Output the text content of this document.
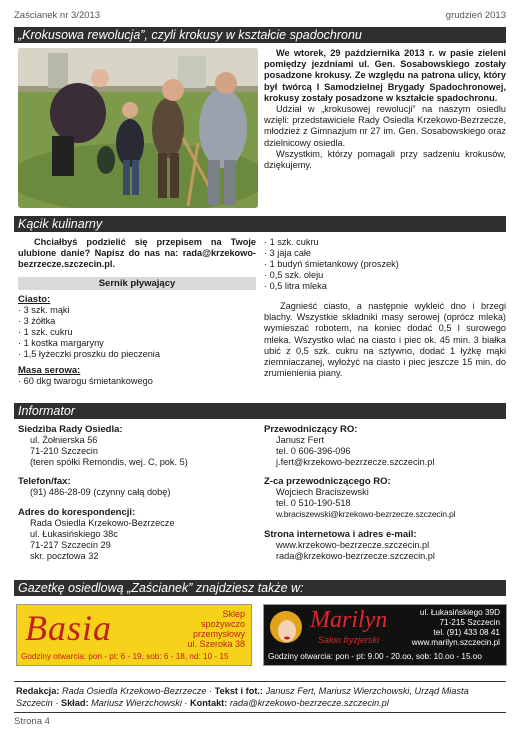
Zaścianek nr 3/2013	grudzień 2013
„Krokusowa rewolucja”, czyli krokusy w kształcie spadochronu

We wtorek, 29 października 2013 r. w pasie zieleni pomiędzy jezdniami ul. Gen. Sosabowskiego zostały posadzone krokusy. Ze względu na patrona ulicy, który był twórcą I Samodzielnej Brygady Spadochronowej, krokusy zostały posadzone w kształcie spadochronu.

Udział w „krokusowej rewolucji” na naszym osiedlu wzięli: przedstawiciele Rady Osiedla Krzekowo-Bezrzecze, młodzież z Gimnazjum nr 27 im. Gen. Sosabowskiego oraz dzielnicowy osiedla.

Wszystkim, którzy pomagali przy sadzeniu krokusów, dziękujemy.

Kącik kulinarny

Chciałbyś podzielić się przepisem na Twoje ulubione danie? Napisz do nas na: rada@krzekowo-bezrzecze.szczecin.pl.

Sernik pływający
Ciasto:
· 3 szk. mąki
· 3 żółtka
· 1 szk. cukru
· 1 kostka margaryny
· 1,5 łyżeczki proszku do pieczenia
Masa serowa:
· 60 dkg twarogu śmietankowego
· 1 szk. cukru
· 3 jaja całe
· 1 budyń śmietankowy (proszek)
· 0,5 szk. oleju
· 0,5 litra mleka

Zagnieść ciasto, a następnie wykleić dno i brzegi blachy. Wszystkie składniki masy serowej (oprócz mleka) wymieszać robotem, na koniec dodać 0,5 l surowego mleka. Wszystko wlać na ciasto i piec ok. 45 min. 3 białka ubić z 0,5 szk. cukru na sztywno, dodać 1 łyżkę mąki ziemniaczanej, wyłożyć na ciasto i piec jeszcze 15 min. do zrumienienia piany.

Informator
Siedziba Rady Osiedla:
ul. Żołnierska 56
71-210 Szczecin
(teren spółki Remondis, wej. C, pok. 5)
Telefon/fax:
(91) 486-28-09 (czynny całą dobę)
Adres do korespondencji:
Rada Osiedla Krzekowo-Bezrzecze
ul. Łukasińskiego 38c
71-217 Szczecin 29
skr. pocztowa 32
Przewodniczący RO:
Janusz Fert
tel. 0 606-396-096
j.fert@krzekowo-bezrzecze.szczecin.pl
Z-ca przewodniczącego RO:
Wojciech Braciszewski
tel. 0 510-190-518
w.braciszewski@krzekowo-bezrzecze.szczecin.pl
Strona internetowa i adres e-mail:
www.krzekowo-bezrzecze.szczecin.pl
rada@krzekowo-bezrzecze.szczecin.pl
Gazetkę osiedlową „Zaścianek” znajdziesz także w:
Basia	Sklep
spożywczo
przemysłowy
ul. Szeroka 38
Godziny otwarcia: pon - pt: 6 - 19, sob: 6 - 18, nd: 10 - 15
Marilyn
Salon fryzjerski
ul. Łukasińskiego 39D
71-215 Szczecin
tel. (91) 433 08 41
www.marilyn.szczecin.pl
Godziny otwarcia: pon - pt: 9.00 - 20.oo, sob: 10.oo - 15.oo
Redakcja: Rada Osiedla Krzekowo-Bezrzecze · Tekst i fot.: Janusz Fert, Mariusz Wierzchowski, Urząd Miasta Szczecin · Skład: Mariusz Wierzchowski · Kontakt: rada@krzekowo-bezrzecze.szczecin.pl
Strona 4
